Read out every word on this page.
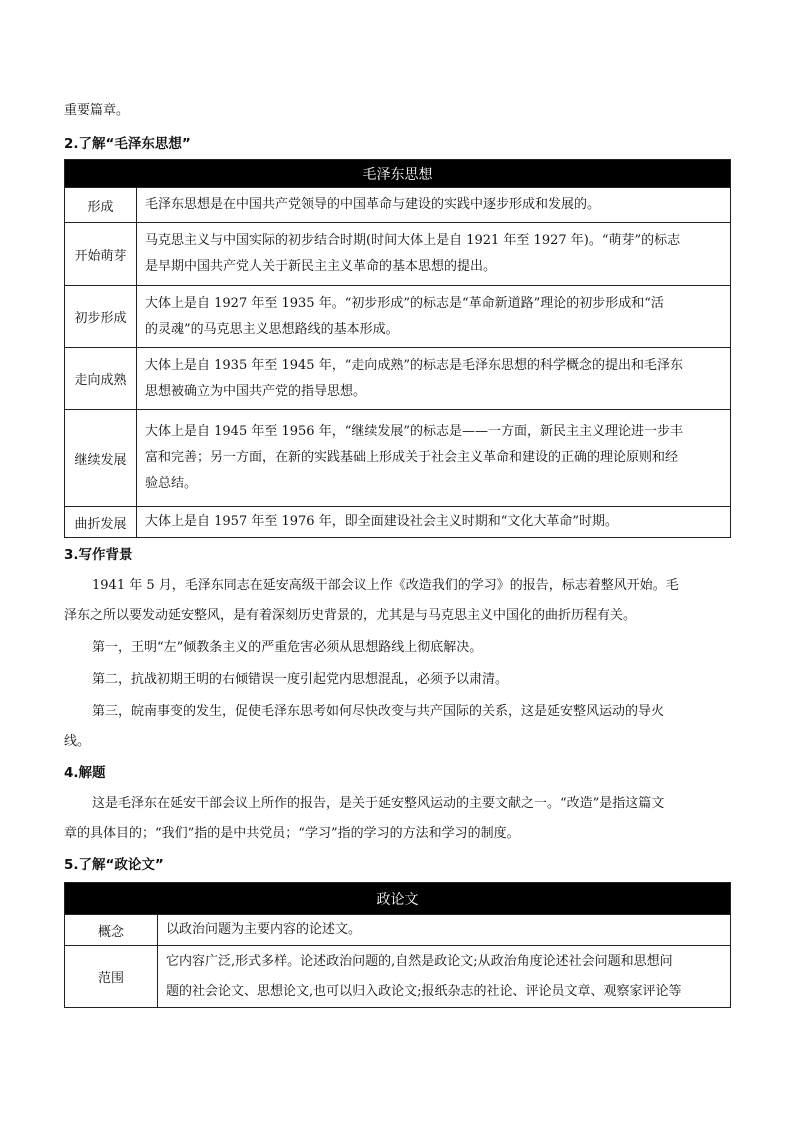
重要篇章。
2.了解“毛泽东思想”
毛泽东思想	
形成	毛泽东思想是在中国共产党领导的中国革命与建设的实践中逐步形成和发展的。

开始萌芽	马克思主义与中国实际的初步结合时期(时间大体上是自 1921 年至 1927 年)。“萌芽”的标志
是早期中国共产党人关于新民主主义革命的基本思想的提出。

初步形成	大体上是自 1927 年至 1935 年。“初步形成”的标志是“革命新道路”理论的初步形成和“活
的灵魂”的马克思主义思想路线的基本形成。

走向成熟	大体上是自 1935 年至 1945 年，“走向成熟”的标志是毛泽东思想的科学概念的提出和毛泽东
思想被确立为中国共产党的指导思想。

继续发展	大体上是自 1945 年至 1956 年，“继续发展”的标志是——一方面，新民主主义理论进一步丰
富和完善；另一方面，在新的实践基础上形成关于社会主义革命和建设的正确的理论原则和经
验总结。

曲折发展	大体上是自 1957 年至 1976 年，即全面建设社会主义时期和“文化大革命”时期。
3.写作背景
1941 年 5 月，毛泽东同志在延安高级干部会议上作《改造我们的学习》的报告，标志着整风开始。毛
泽东之所以要发动延安整风，是有着深刻历史背景的，尤其是与马克思主义中国化的曲折历程有关。
第一，王明“左”倾教条主义的严重危害必须从思想路线上彻底解决。
第二，抗战初期王明的右倾错误一度引起党内思想混乱，必须予以肃清。
第三，皖南事变的发生，促使毛泽东思考如何尽快改变与共产国际的关系，这是延安整风运动的导火
线。
4.解题
这是毛泽东在延安干部会议上所作的报告，是关于延安整风运动的主要文献之一。“改造”是指这篇文
章的具体目的；“我们”指的是中共党员；“学习”指的学习的方法和学习的制度。
5.了解“政论文”
政论文	
概念	以政治问题为主要内容的论述文。

范围	它内容广泛,形式多样。论述政治问题的,自然是政论文;从政治角度论述社会问题和思想问
题的社会论文、思想论文,也可以归入政论文;报纸杂志的社论、评论员文章、观察家评论等
